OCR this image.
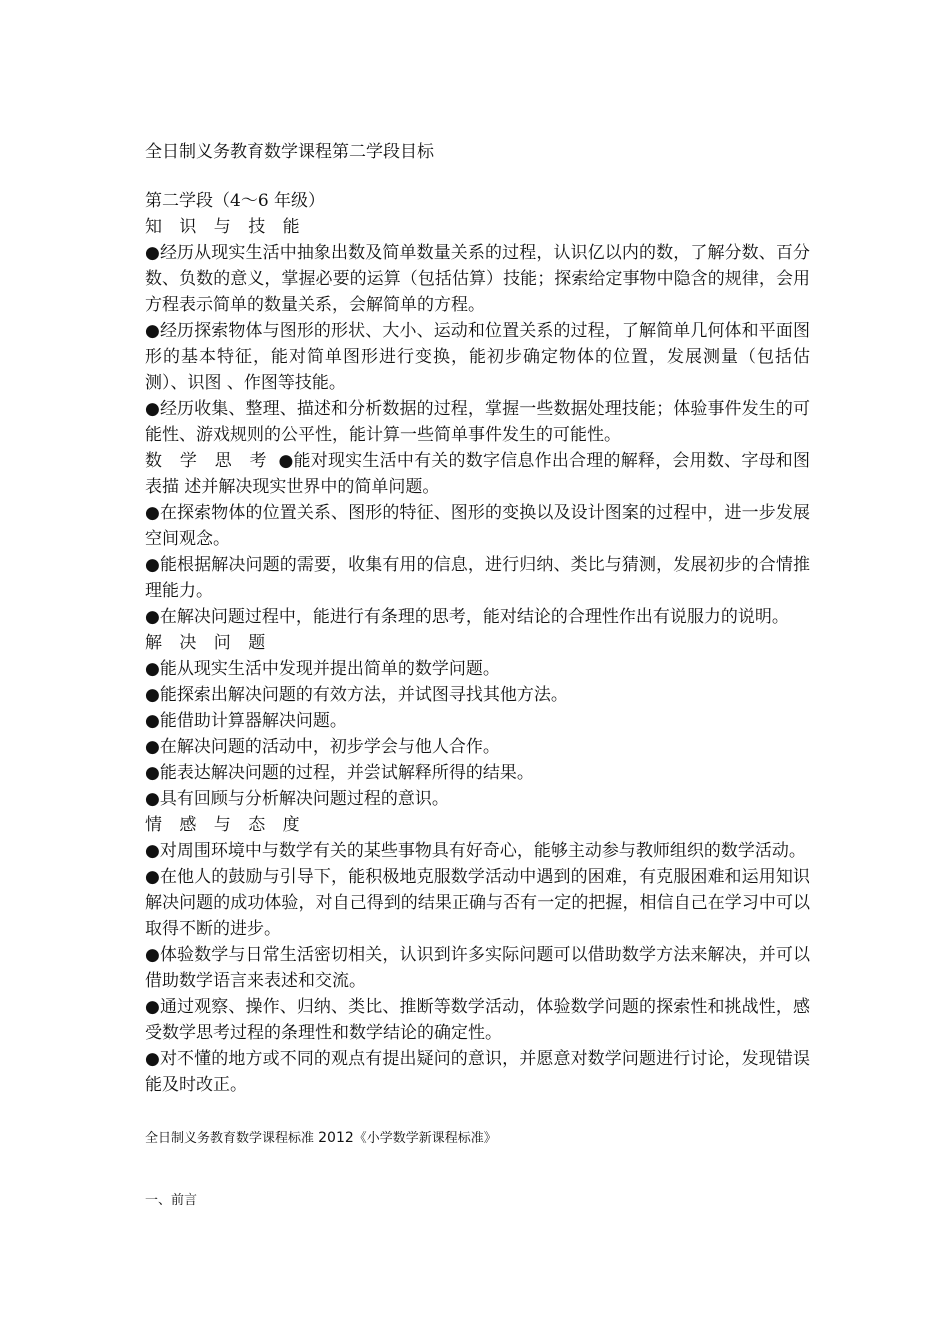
全日制义务教育数学课程第二学段目标

第二学段（4～6 年级）

知 识 与 技 能

●经历从现实生活中抽象出数及简单数量关系的过程，认识亿以内的数，了解分数、百分数、负数的意义，掌握必要的运算（包括估算）技能；探索给定事物中隐含的规律，会用方程表示简单的数量关系，会解简单的方程。

●经历探索物体与图形的形状、大小、运动和位置关系的过程，了解简单几何体和平面图形的基本特征，能对简单图形进行变换，能初步确定物体的位置，发展测量（包括估测）、识图 、作图等技能。

●经历收集、整理、描述和分析数据的过程，掌握一些数据处理技能；体验事件发生的可能性、游戏规则的公平性，能计算一些简单事件发生的可能性。

数 学 思 考 ●能对现实生活中有关的数字信息作出合理的解释，会用数、字母和图表描 述并解决现实世界中的简单问题。

●在探索物体的位置关系、图形的特征、图形的变换以及设计图案的过程中，进一步发展空间观念。

●能根据解决问题的需要，收集有用的信息，进行归纳、类比与猜测，发展初步的合情推理能力。

●在解决问题过程中，能进行有条理的思考，能对结论的合理性作出有说服力的说明。

解 决 问 题

●能从现实生活中发现并提出简单的数学问题。

●能探索出解决问题的有效方法，并试图寻找其他方法。

●能借助计算器解决问题。

●在解决问题的活动中，初步学会与他人合作。

●能表达解决问题的过程，并尝试解释所得的结果。

●具有回顾与分析解决问题过程的意识。

情 感 与 态 度

●对周围环境中与数学有关的某些事物具有好奇心，能够主动参与教师组织的数学活动。

●在他人的鼓励与引导下，能积极地克服数学活动中遇到的困难，有克服困难和运用知识解决问题的成功体验，对自己得到的结果正确与否有一定的把握，相信自己在学习中可以取得不断的进步。

●体验数学与日常生活密切相关，认识到许多实际问题可以借助数学方法来解决，并可以借助数学语言来表述和交流。

●通过观察、操作、归纳、类比、推断等数学活动，体验数学问题的探索性和挑战性，感受数学思考过程的条理性和数学结论的确定性。

●对不懂的地方或不同的观点有提出疑问的意识，并愿意对数学问题进行讨论，发现错误能及时改正。

全日制义务教育数学课程标准 2012《小学数学新课程标准》

一、前言
